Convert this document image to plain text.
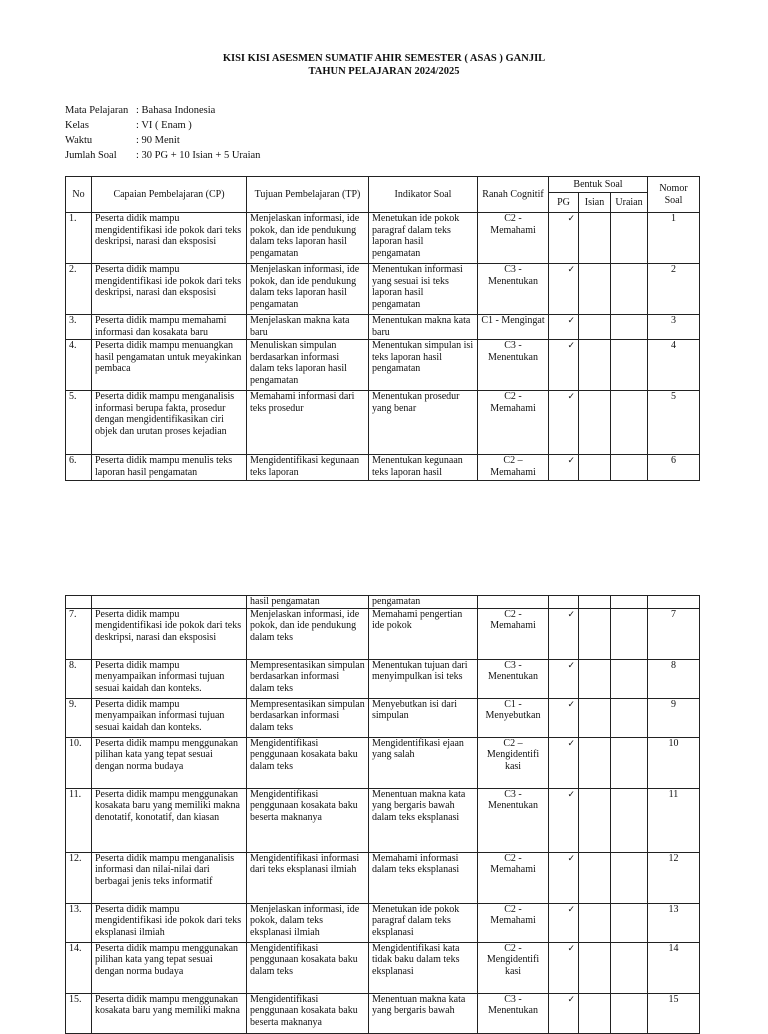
KISI KISI ASESMEN SUMATIF AHIR SEMESTER ( ASAS ) GANJIL
TAHUN PELAJARAN 2024/2025
Mata Pelajaran : Bahasa Indonesia
Kelas	: VI ( Enam )
Waktu	: 90 Menit
Jumlah Soal	: 30 PG + 10 Isian + 5 Uraian
No	Capaian Pembelajaran (CP)	Tujuan Pembelajaran (TP)	Indikator Soal	Ranah Cognitif	Bentuk Soal			Nomor Soal
					PG	Isian	Uraian	
1.	Peserta didik mampu mengidentifikasi ide pokok dari teks deskripsi, narasi dan eksposisi	Menjelaskan informasi, ide pokok, dan ide pendukung dalam teks laporan hasil pengamatan	Menetukan ide pokok paragraf dalam teks laporan hasil pengamatan	C2 - Memahami	✓			1
2.	Peserta didik mampu mengidentifikasi ide pokok dari teks deskripsi, narasi dan eksposisi	Menjelaskan informasi, ide pokok, dan ide pendukung dalam teks laporan hasil pengamatan	Menentukan informasi yang sesuai isi teks laporan hasil pengamatan	C3 - Menentukan	✓			2
3.	Peserta didik mampu memahami informasi dan kosakata baru	Menjelaskan makna kata baru	Menentukan makna kata baru	C1 - Mengingat	✓			3
4.	Peserta didik mampu menuangkan hasil pengamatan untuk meyakinkan pembaca	Menuliskan simpulan berdasarkan informasi dalam teks laporan hasil pengamatan	Menentukan simpulan isi teks laporan hasil pengamatan	C3 - Menentukan	✓			4
5.	Peserta didik mampu menganalisis informasi berupa fakta, prosedur dengan mengidentifikasikan ciri objek dan urutan proses kejadian	Memahami informasi dari teks prosedur	Menentukan prosedur yang benar	C2 - Memahami	✓			5
6.	Peserta didik mampu menulis teks laporan hasil pengamatan	Mengidentifikasi kegunaan teks laporan	Menentukan kegunaan teks laporan hasil	C2 – Memahami	✓			6
		hasil pengamatan	pengamatan					
7.	Peserta didik mampu mengidentifikasi ide pokok dari teks deskripsi, narasi dan eksposisi	Menjelaskan informasi, ide pokok, dan ide pendukung dalam teks	Memahami pengertian ide pokok	C2 - Memahami	✓			7
8.	Peserta didik mampu menyampaikan informasi tujuan sesuai kaidah dan konteks.	Mempresentasikan simpulan berdasarkan informasi dalam teks	Menentukan tujuan dari menyimpulkan isi teks	C3 - Menentukan	✓			8
9.	Peserta didik mampu menyampaikan informasi tujuan sesuai kaidah dan konteks.	Mempresentasikan simpulan berdasarkan informasi dalam teks	Menyebutkan isi dari simpulan	C1 - Menyebutkan	✓			9
10.	Peserta didik mampu menggunakan pilihan kata yang tepat sesuai dengan norma budaya	Mengidentifikasi penggunaan kosakata baku dalam teks	Mengidentifikasi ejaan yang salah	C2 – Mengidentifi kasi	✓			10
11.	Peserta didik mampu menggunakan kosakata baru yang memiliki makna denotatif, konotatif, dan kiasan	Mengidentifikasi penggunaan kosakata baku beserta maknanya	Menentuan makna kata yang bergaris bawah dalam teks eksplanasi	C3 - Menentukan	✓			11
12.	Peserta didik mampu menganalisis informasi dan nilai-nilai dari berbagai jenis teks informatif	Mengidentifikasi informasi dari teks eksplanasi ilmiah	Memahami informasi dalam teks eksplanasi	C2 - Memahami	✓			12
13.	Peserta didik mampu mengidentifikasi ide pokok dari teks eksplanasi ilmiah	Menjelaskan informasi, ide pokok, dalam teks eksplanasi ilmiah	Menetukan ide pokok paragraf dalam teks eksplanasi	C2 - Memahami	✓			13
14.	Peserta didik mampu menggunakan pilihan kata yang tepat sesuai dengan norma budaya	Mengidentifikasi penggunaan kosakata baku dalam teks	Mengidentifikasi kata tidak baku dalam teks eksplanasi	C2 - Mengidentifi kasi	✓			14
15.	Peserta didik mampu menggunakan kosakata baru yang memiliki makna	Mengidentifikasi penggunaan kosakata baku beserta maknanya	Menentuan makna kata yang bergaris bawah	C3 - Menentukan	✓			15
